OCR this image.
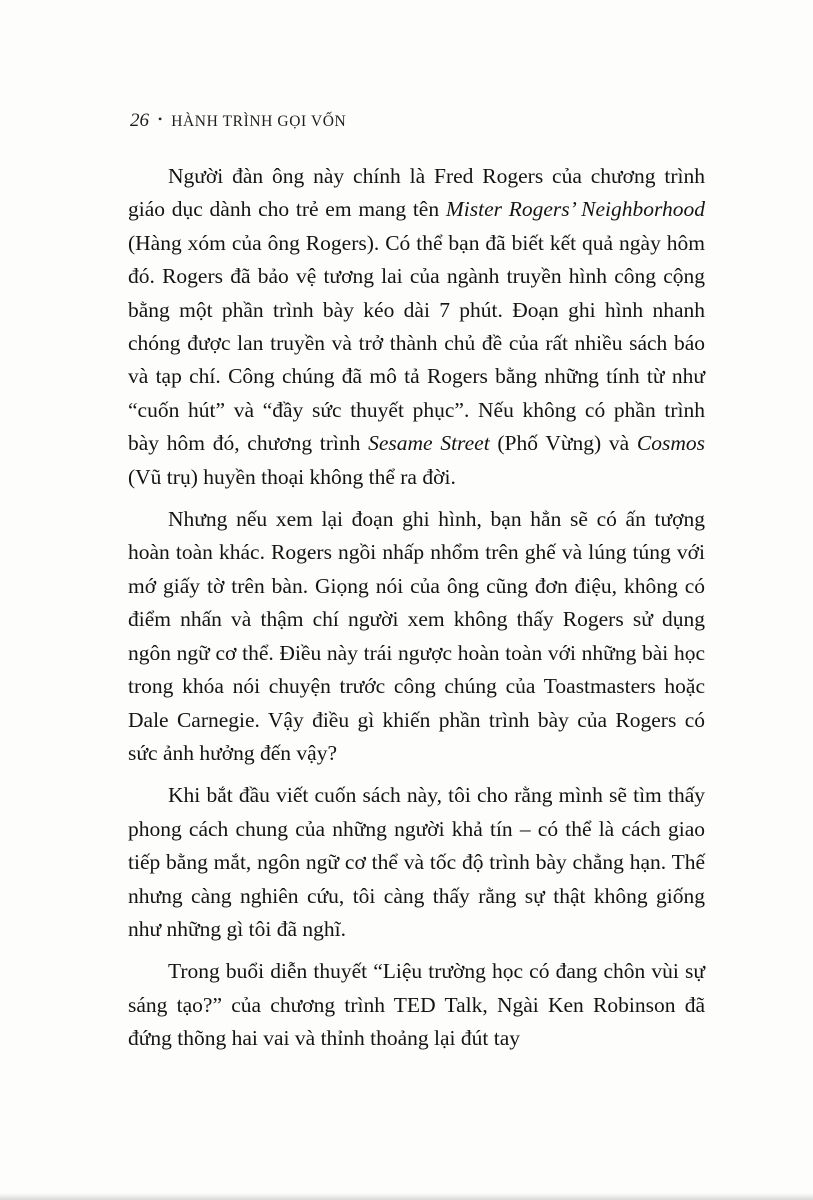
26 • HÀNH TRÌNH GỌI VỐN

Người đàn ông này chính là Fred Rogers của chương trình giáo dục dành cho trẻ em mang tên Mister Rogers’ Neighborhood (Hàng xóm của ông Rogers). Có thể bạn đã biết kết quả ngày hôm đó. Rogers đã bảo vệ tương lai của ngành truyền hình công cộng bằng một phần trình bày kéo dài 7 phút. Đoạn ghi hình nhanh chóng được lan truyền và trở thành chủ đề của rất nhiều sách báo và tạp chí. Công chúng đã mô tả Rogers bằng những tính từ như “cuốn hút” và “đầy sức thuyết phục”. Nếu không có phần trình bày hôm đó, chương trình Sesame Street (Phố Vừng) và Cosmos (Vũ trụ) huyền thoại không thể ra đời.

Nhưng nếu xem lại đoạn ghi hình, bạn hẳn sẽ có ấn tượng hoàn toàn khác. Rogers ngồi nhấp nhổm trên ghế và lúng túng với mớ giấy tờ trên bàn. Giọng nói của ông cũng đơn điệu, không có điểm nhấn và thậm chí người xem không thấy Rogers sử dụng ngôn ngữ cơ thể. Điều này trái ngược hoàn toàn với những bài học trong khóa nói chuyện trước công chúng của Toastmasters hoặc Dale Carnegie. Vậy điều gì khiến phần trình bày của Rogers có sức ảnh hưởng đến vậy?

Khi bắt đầu viết cuốn sách này, tôi cho rằng mình sẽ tìm thấy phong cách chung của những người khả tín – có thể là cách giao tiếp bằng mắt, ngôn ngữ cơ thể và tốc độ trình bày chẳng hạn. Thế nhưng càng nghiên cứu, tôi càng thấy rằng sự thật không giống như những gì tôi đã nghĩ.

Trong buổi diễn thuyết “Liệu trường học có đang chôn vùi sự sáng tạo?” của chương trình TED Talk, Ngài Ken Robinson đã đứng thõng hai vai và thỉnh thoảng lại đút tay
